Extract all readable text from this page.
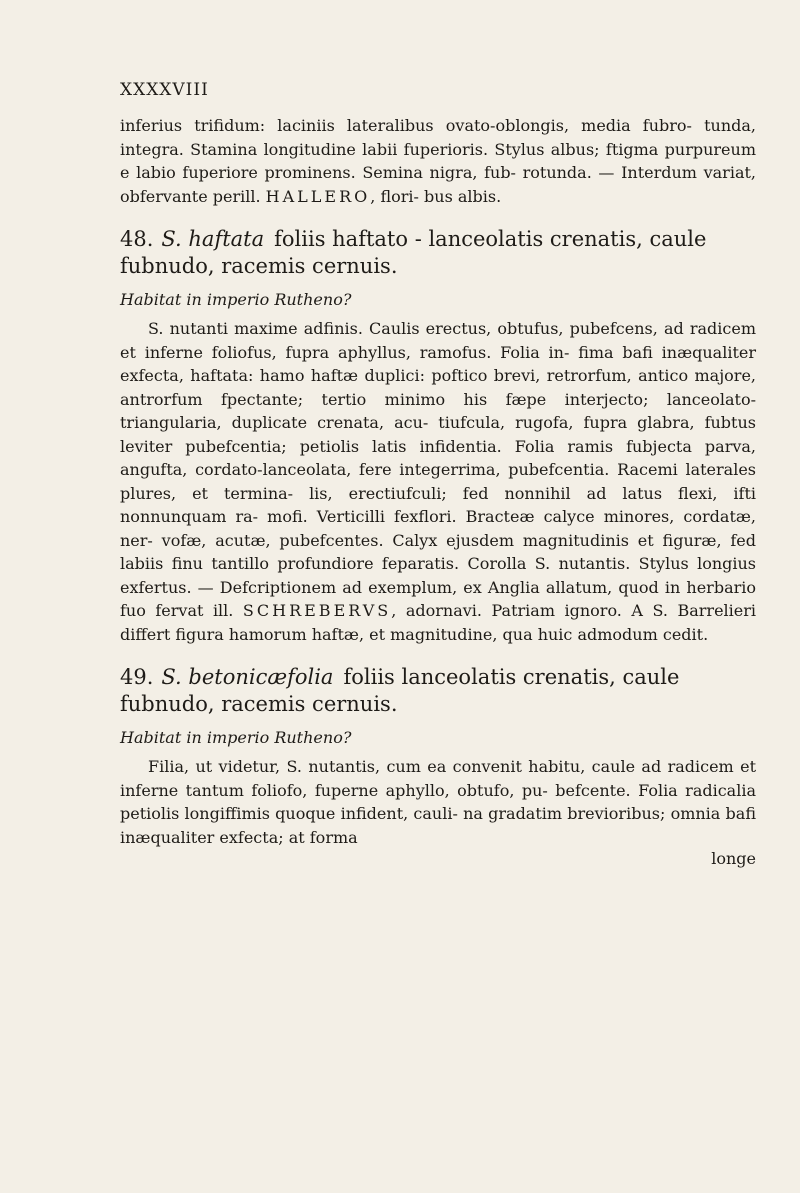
XXXXVIII

inferius trifidum: laciniis lateralibus ovato-oblongis, media fubro- tunda, integra. Stamina longitudine labii fuperioris. Stylus albus; ftigma purpureum e labio fuperiore prominens. Semina nigra, fub- rotunda. — Interdum variat, obfervante perill. HALLERO, flori- bus albis.

48. S. haftata foliis haftato - lanceolatis crenatis, caule fubnudo, racemis cernuis.
Habitat in imperio Rutheno?

S. nutanti maxime adfinis. Caulis erectus, obtufus, pubefcens, ad radicem et inferne foliofus, fupra aphyllus, ramofus. Folia in- fima bafi inæqualiter exfecta, haftata: hamo haftæ duplici: poftico brevi, retrorfum, antico majore, antrorfum fpectante; tertio minimo his fæpe interjecto; lanceolato-triangularia, duplicate crenata, acu- tiufcula, rugofa, fupra glabra, fubtus leviter pubefcentia; petiolis latis infidentia. Folia ramis fubjecta parva, angufta, cordato-lanceolata, fere integerrima, pubefcentia. Racemi laterales plures, et termina- lis, erectiufculi; fed nonnihil ad latus flexi, ifti nonnunquam ra- mofi. Verticilli fexflori. Bracteæ calyce minores, cordatæ, ner- vofæ, acutæ, pubefcentes. Calyx ejusdem magnitudinis et figuræ, fed labiis finu tantillo profundiore feparatis. Corolla S. nutantis. Stylus longius exfertus. — Defcriptionem ad exemplum, ex Anglia allatum, quod in herbario fuo fervat ill. SCHREBERVS, adornavi. Patriam ignoro. A S. Barrelieri differt figura hamorum haftæ, et magnitudine, qua huic admodum cedit.

49. S. betonicæfolia foliis lanceolatis crenatis, caule fubnudo, racemis cernuis.
Habitat in imperio Rutheno?

Filia, ut videtur, S. nutantis, cum ea convenit habitu, caule ad radicem et inferne tantum foliofo, fuperne aphyllo, obtufo, pu- befcente. Folia radicalia petiolis longiffimis quoque infident, cauli- na gradatim brevioribus; omnia bafi inæqualiter exfecta; at forma

longe
